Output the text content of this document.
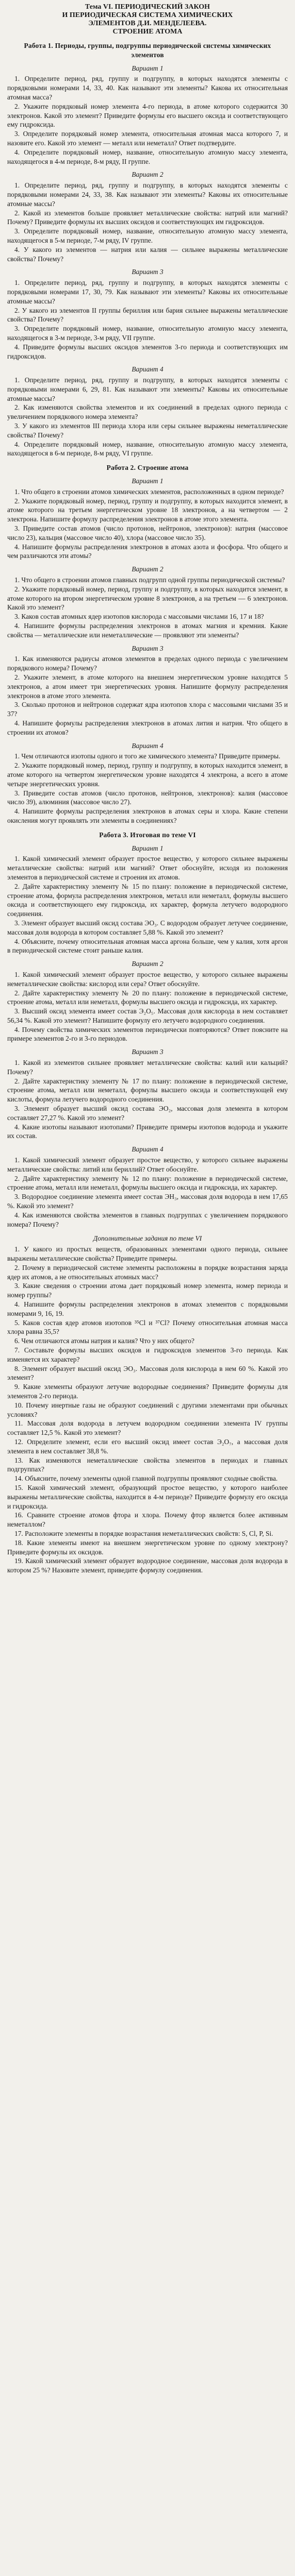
Тема VI. ПЕРИОДИЧЕСКИЙ ЗАКОН
И ПЕРИОДИЧЕСКАЯ СИСТЕМА ХИМИЧЕСКИХ
ЭЛЕМЕНТОВ Д.И. МЕНДЕЛЕЕВА.
СТРОЕНИЕ АТОМА
Работа 1. Периоды, группы, подгруппы периодической системы химических элементов
Вариант 1

1. Определите период, ряд, группу и подгруппу, в которых находятся элементы с порядковыми номерами 14, 33, 40. Как называют эти элементы? Какова их относительная атомная масса?

2. Укажите порядковый номер элемента 4-го периода, в атоме которого содержится 30 электронов. Какой это элемент? Приведите формулы его высшего оксида и соответствующего ему гидроксида.

3. Определите порядковый номер элемента, относительная атомная масса которого 7, и назовите его. Какой это элемент — металл или неметалл? Ответ подтвердите.

4. Определите порядковый номер, название, относительную атомную массу элемента, находящегося в 4-м периоде, 8-м ряду, II группе.

Вариант 2

1. Определите период, ряд, группу и подгруппу, в которых находятся элементы с порядковыми номерами 24, 33, 38. Как называют эти элементы? Каковы их относительные атомные массы?

2. Какой из элементов больше проявляет металлические свойства: натрий или магний? Почему? Приведите формулы их высших оксидов и соответствующих им гидроксидов.

3. Определите порядковый номер, название, относительную атомную массу элемента, находящегося в 5-м периоде, 7-м ряду, IV группе.

4. У какого из элементов — натрия или калия — сильнее выражены металлические свойства? Почему?

Вариант 3

1. Определите период, ряд, группу и подгруппу, в которых находятся элементы с порядковыми номерами 17, 30, 79. Как называют эти элементы? Каковы их относительные атомные массы?

2. У какого из элементов II группы бериллия или бария сильнее выражены металлические свойства? Почему?

3. Определите порядковый номер, название, относительную атомную массу элемента, находящегося в 3-м периоде, 3-м ряду, VII группе.

4. Приведите формулы высших оксидов элементов 3-го периода и соответствующих им гидроксидов.

Вариант 4

1. Определите период, ряд, группу и подгруппу, в которых находятся элементы с порядковыми номерами 6, 29, 81. Как называют эти элементы? Каковы их относительные атомные массы?

2. Как изменяются свойства элементов и их соединений в пределах одного периода с увеличением порядкового номера элемента?

3. У какого из элементов III периода хлора или серы сильнее выражены неметаллические свойства? Почему?

4. Определите порядковый номер, название, относительную атомную массу элемента, находящегося в 6-м периоде, 8-м ряду, VI группе.

Работа 2. Строение атома
Вариант 1

1. Что общего в строении атомов химических элементов, расположенных в одном периоде?

2. Укажите порядковый номер, период, группу и подгруппу, в которых находится элемент, в атоме которого на третьем энергетическом уровне 18 электронов, а на четвертом — 2 электрона. Напишите формулу распределения электронов в атоме этого элемента.

3. Приведите состав атомов (число протонов, нейтронов, электронов): натрия (массовое число 23), кальция (массовое число 40), хлора (массовое число 35).

4. Напишите формулы распределения электронов в атомах азота и фосфора. Что общего и чем различаются эти атомы?

Вариант 2

1. Что общего в строении атомов главных подгрупп одной группы периодической системы?

2. Укажите порядковый номер, период, группу и подгруппу, в которых находится элемент, в атоме которого на втором энергетическом уровне 8 электронов, а на третьем — 6 электронов. Какой это элемент?

3. Каков состав атомных ядер изотопов кислорода с массовыми числами 16, 17 и 18?

4. Напишите формулы распределения электронов в атомах магния и кремния. Какие свойства — металлические или неметаллические — проявляют эти элементы?

Вариант 3

1. Как изменяются радиусы атомов элементов в пределах одного периода с увеличением порядкового номера? Почему?

2. Укажите элемент, в атоме которого на внешнем энергетическом уровне находятся 5 электронов, а атом имеет три энергетических уровня. Напишите формулу распределения электронов в атоме этого элемента.

3. Сколько протонов и нейтронов содержат ядра изотопов хлора с массовыми числами 35 и 37?

4. Напишите формулы распределения электронов в атомах лития и натрия. Что общего в строении их атомов?

Вариант 4

1. Чем отличаются изотопы одного и того же химического элемента? Приведите примеры.

2. Укажите порядковый номер, период, группу и подгруппу, в которых находится элемент, в атоме которого на четвертом энергетическом уровне находятся 4 электрона, а всего в атоме четыре энергетических уровня.

3. Приведите состав атомов (число протонов, нейтронов, электронов): калия (массовое число 39), алюминия (массовое число 27).

4. Напишите формулы распределения электронов в атомах серы и хлора. Какие степени окисления могут проявлять эти элементы в соединениях?

Работа 3. Итоговая по теме VI
Вариант 1

1. Какой химический элемент образует простое вещество, у которого сильнее выражены металлические свойства: натрий или магний? Ответ обоснуйте, исходя из положения элементов в периодической системе и строения их атомов.

2. Дайте характеристику элементу № 15 по плану: положение в периодической системе, строение атома, формула распределения электронов, металл или неметалл, формулы высшего оксида и соответствующего ему гидроксида, их характер, формула летучего водородного соединения.

3. Элемент образует высший оксид состава ЭО₃. С водородом образует летучее соединение, массовая доля водорода в котором составляет 5,88 %. Какой это элемент?

4. Объясните, почему относительная атомная масса аргона больше, чем у калия, хотя аргон в периодической системе стоит раньше калия.

Вариант 2

1. Какой химический элемент образует простое вещество, у которого сильнее выражены неметаллические свойства: кислород или сера? Ответ обоснуйте.

2. Дайте характеристику элементу № 20 по плану: положение в периодической системе, строение атома, металл или неметалл, формулы высшего оксида и гидроксида, их характер.

3. Высший оксид элемента имеет состав Э₂О₅. Массовая доля кислорода в нем составляет 56,34 %. Какой это элемент? Напишите формулу его летучего водородного соединения.

4. Почему свойства химических элементов периодически повторяются? Ответ поясните на примере элементов 2-го и 3-го периодов.

Вариант 3

1. Какой из элементов сильнее проявляет металлические свойства: калий или кальций? Почему?

2. Дайте характеристику элементу № 17 по плану: положение в периодической системе, строение атома, металл или неметалл, формулы высшего оксида и соответствующей ему кислоты, формула летучего водородного соединения.

3. Элемент образует высший оксид состава ЭО₂, массовая доля элемента в котором составляет 27,27 %. Какой это элемент?

4. Какие изотопы называют изотопами? Приведите примеры изотопов водорода и укажите их состав.

Вариант 4

1. Какой химический элемент образует простое вещество, у которого сильнее выражены металлические свойства: литий или бериллий? Ответ обоснуйте.

2. Дайте характеристику элементу № 12 по плану: положение в периодической системе, строение атома, металл или неметалл, формулы высшего оксида и гидроксида, их характер.

3. Водородное соединение элемента имеет состав ЭН₃, массовая доля водорода в нем 17,65 %. Какой это элемент?

4. Как изменяются свойства элементов в главных подгруппах с увеличением порядкового номера? Почему?

Дополнительные задания по теме VI

1. У какого из простых веществ, образованных элементами одного периода, сильнее выражены металлические свойства? Приведите примеры.

2. Почему в периодической системе элементы расположены в порядке возрастания заряда ядер их атомов, а не относительных атомных масс?

3. Какие сведения о строении атома дает порядковый номер элемента, номер периода и номер группы?

4. Напишите формулы распределения электронов в атомах элементов с порядковыми номерами 9, 16, 19.

5. Каков состав ядер атомов изотопов ³⁵Cl и ³⁷Cl? Почему относительная атомная масса хлора равна 35,5?

6. Чем отличаются атомы натрия и калия? Что у них общего?

7. Составьте формулы высших оксидов и гидроксидов элементов 3-го периода. Как изменяется их характер?

8. Элемент образует высший оксид ЭО₃. Массовая доля кислорода в нем 60 %. Какой это элемент?

9. Какие элементы образуют летучие водородные соединения? Приведите формулы для элементов 2-го периода.

10. Почему инертные газы не образуют соединений с другими элементами при обычных условиях?

11. Массовая доля водорода в летучем водородном соединении элемента IV группы составляет 12,5 %. Какой это элемент?

12. Определите элемент, если его высший оксид имеет состав Э₂О₇, а массовая доля элемента в нем составляет 38,8 %.

13. Как изменяются неметаллические свойства элементов в периодах и главных подгруппах?

14. Объясните, почему элементы одной главной подгруппы проявляют сходные свойства.

15. Какой химический элемент, образующий простое вещество, у которого наиболее выражены металлические свойства, находится в 4-м периоде? Приведите формулу его оксида и гидроксида.

16. Сравните строение атомов фтора и хлора. Почему фтор является более активным неметаллом?

17. Расположите элементы в порядке возрастания неметаллических свойств: S, Cl, P, Si.

18. Какие элементы имеют на внешнем энергетическом уровне по одному электрону? Приведите формулы их оксидов.

19. Какой химический элемент образует водородное соединение, массовая доля водорода в котором 25 %? Назовите элемент, приведите формулу соединения.
